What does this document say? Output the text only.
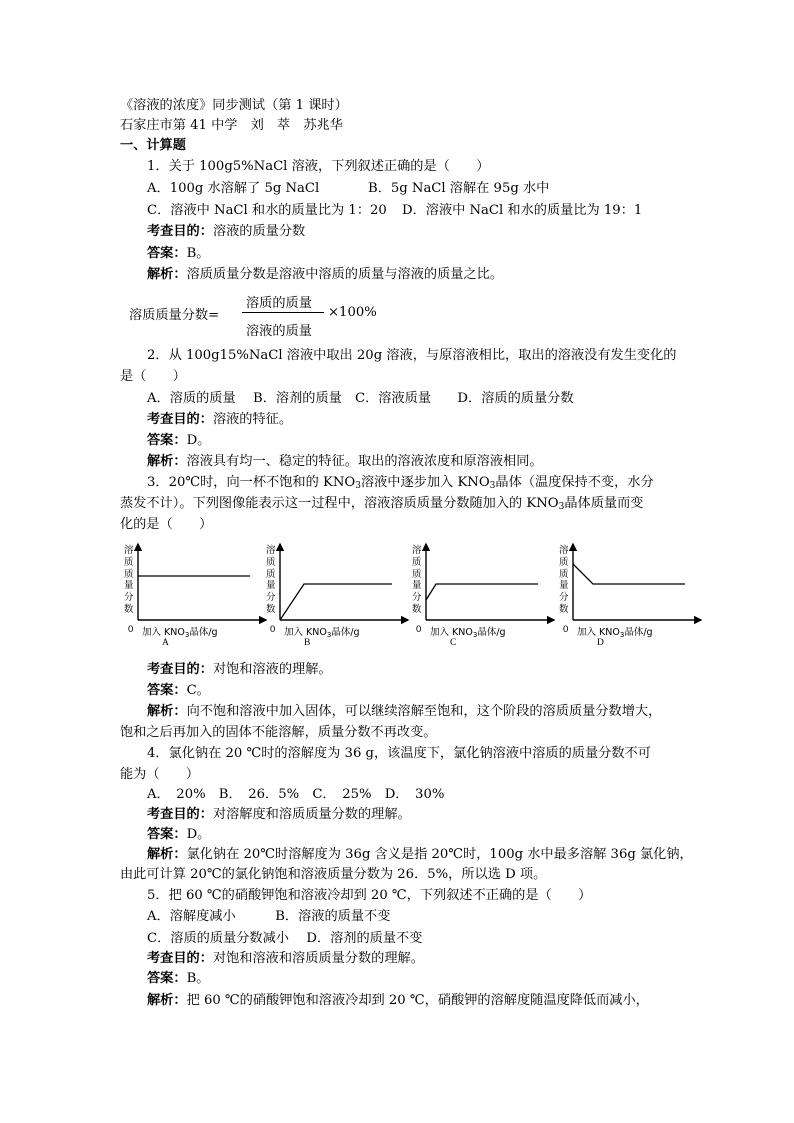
《溶液的浓度》同步测试（第 1 课时）
石家庄市第 41 中学　刘　萃　苏兆华
一、计算题
1．关于 100g5%NaCl 溶液，下列叙述正确的是（　　）
A．100g 水溶解了 5g NaCl	B．5g NaCl 溶解在 95g 水中
C．溶液中 NaCl 和水的质量比为 1：20 D．溶液中 NaCl 和水的质量比为 19：1
考查目的：溶液的质量分数
答案：B。
解析：溶质质量分数是溶液中溶质的质量与溶液的质量之比。
溶质质量分数=
溶质的质量
溶液的质量
×100%
2．从 100g15%NaCl 溶液中取出 20g 溶液，与原溶液相比，取出的溶液没有发生变化的
是（　　）
A．溶质的质量　 B．溶剂的质量　C．溶液质量　　D．溶质的质量分数
考查目的：溶液的特征。
答案：D。
解析：溶液具有均一、稳定的特征。取出的溶液浓度和原溶液相同。
3．20℃时，向一杯不饱和的 $KNO_3$溶液中逐步加入 $KNO_3$晶体（温度保持不变，水分
蒸发不计）。下列图像能表示这一过程中，溶液溶质质量分数随加入的 $KNO_3$晶体质量而变
化的是（　　）
溶质质量分数
0 加入 $KNO_3$晶体/g
A
溶质质量分数
0 加入 $KNO_3$晶体/g
B
溶质质量分数
0 加入 $KNO_3$晶体/g
C
溶质质量分数
0 加入 $KNO_3$晶体/g
D
考查目的：对饱和溶液的理解。
答案：C。
解析：向不饱和溶液中加入固体，可以继续溶解至饱和，这个阶段的溶质质量分数增大，
饱和之后再加入的固体不能溶解，质量分数不再改变。
4．氯化钠在 20 ℃时的溶解度为 36 g，该温度下，氯化钠溶液中溶质的质量分数不可
能为（　　）
A．　20%　B．　26．5%　C．　25%　D．　30%
考查目的：对溶解度和溶质质量分数的理解。
答案：D。
解析：氯化钠在 20℃时溶解度为 36g 含义是指 20℃时，100g 水中最多溶解 36g 氯化钠，
由此可计算 20℃的氯化钠饱和溶液质量分数为 26．5%，所以选 D 项。
5．把 60 ℃的硝酸钾饱和溶液冷却到 20 ℃，下列叙述不正确的是（　　）
A．溶解度减小　　　B．溶液的质量不变
C．溶质的质量分数减小　 D．溶剂的质量不变
考查目的：对饱和溶液和溶质质量分数的理解。
答案：B。
解析：把 60 ℃的硝酸钾饱和溶液冷却到 20 ℃，硝酸钾的溶解度随温度降低而减小，
